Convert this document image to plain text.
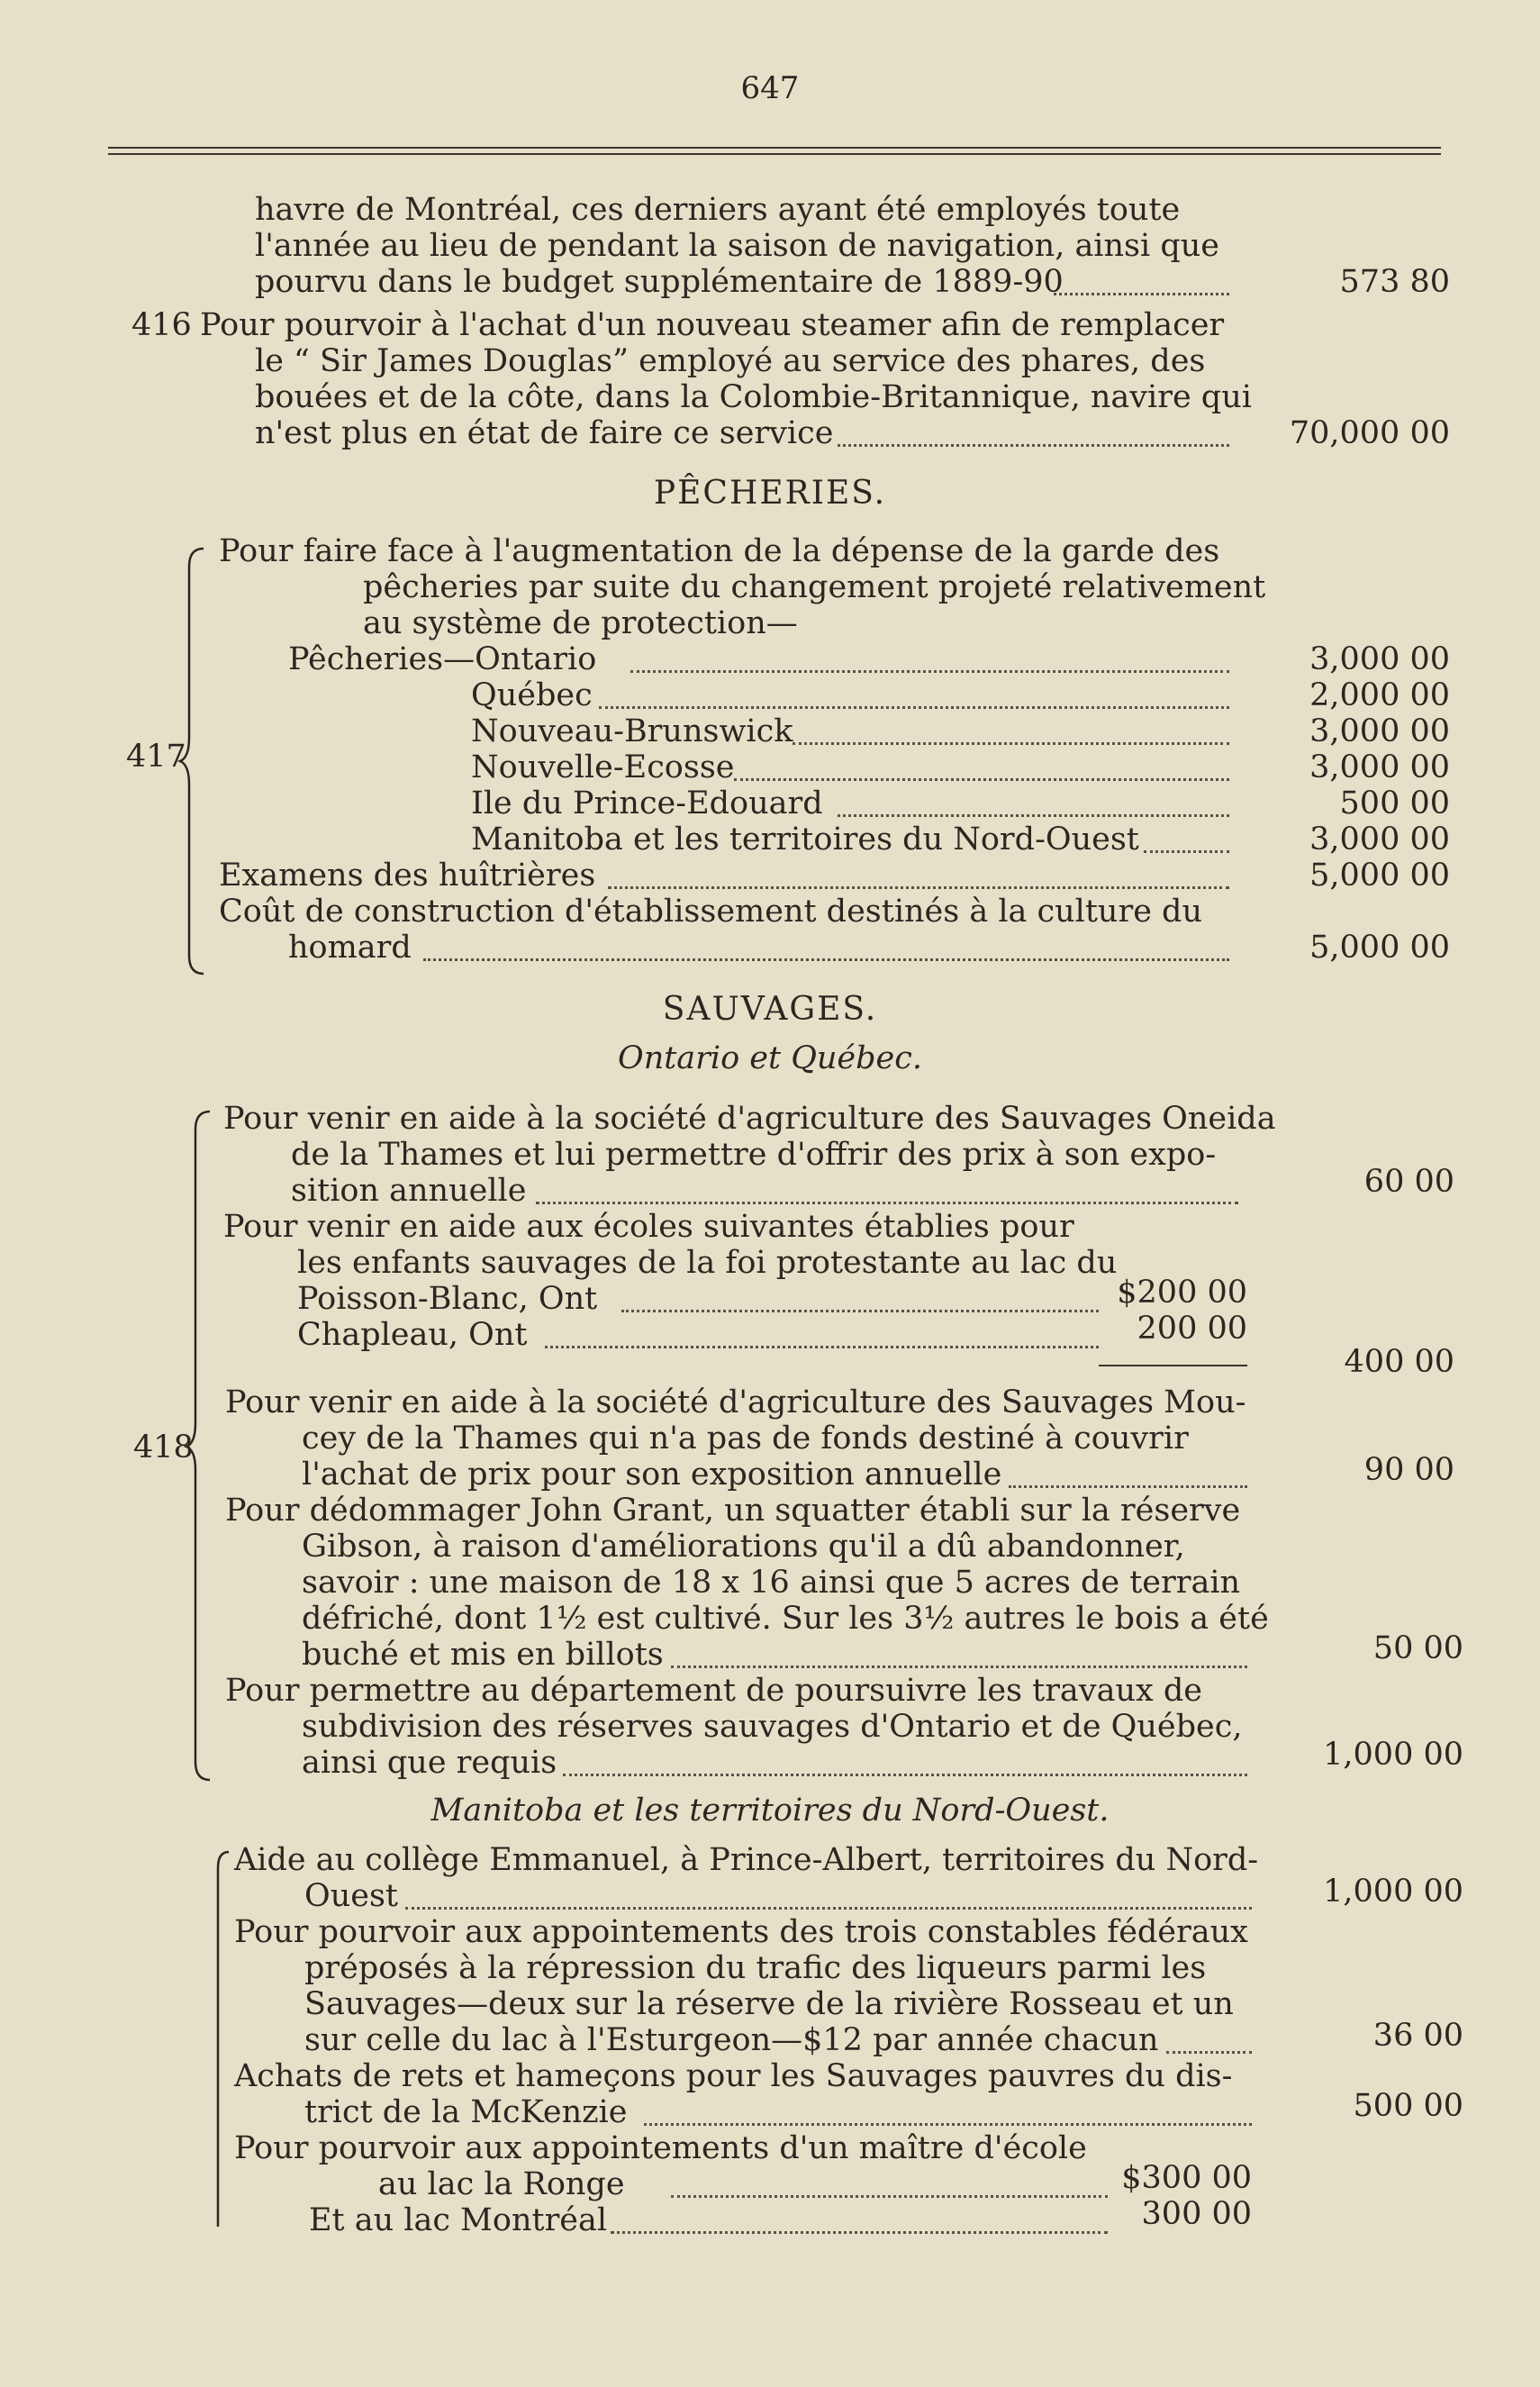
647
havre de Montréal, ces derniers ayant été employés toute
l'année au lieu de pendant la saison de navigation, ainsi que
pourvu dans le budget supplémentaire de 1889-90	573 80
416 Pour pourvoir à l'achat d'un nouveau steamer afin de remplacer
le “ Sir James Douglas” employé au service des phares, des
bouées et de la côte, dans la Colombie-Britannique, navire qui
n'est plus en état de faire ce service	70,000 00
PÊCHERIES.
417
Pour faire face à l'augmentation de la dépense de la garde des
pêcheries par suite du changement projeté relativement
au système de protection—
Pêcheries—Ontario	3,000 00
Québec	2,000 00
Nouveau-Brunswick	3,000 00
Nouvelle-Ecosse	3,000 00
Ile du Prince-Edouard	500 00
Manitoba et les territoires du Nord-Ouest	3,000 00
Examens des huîtrières	5,000 00
Coût de construction d'établissement destinés à la culture du
homard	5,000 00
SAUVAGES.
Ontario et Québec.
418
Pour venir en aide à la société d'agriculture des Sauvages Oneida
de la Thames et lui permettre d'offrir des prix à son expo-
sition annuelle	60 00
Pour venir en aide aux écoles suivantes établies pour
les enfants sauvages de la foi protestante au lac du
Poisson-Blanc, Ont	$200 00
Chapleau, Ont	200 00
400 00
Pour venir en aide à la société d'agriculture des Sauvages Mou-
cey de la Thames qui n'a pas de fonds destiné à couvrir
l'achat de prix pour son exposition annuelle	90 00
Pour dédommager John Grant, un squatter établi sur la réserve
Gibson, à raison d'améliorations qu'il a dû abandonner,
savoir : une maison de 18 x 16 ainsi que 5 acres de terrain
défriché, dont 1½ est cultivé. Sur les 3½ autres le bois a été
buché et mis en billots	50 00
Pour permettre au département de poursuivre les travaux de
subdivision des réserves sauvages d'Ontario et de Québec,
ainsi que requis	1,000 00
Manitoba et les territoires du Nord-Ouest.
Aide au collège Emmanuel, à Prince-Albert, territoires du Nord-
Ouest	1,000 00
Pour pourvoir aux appointements des trois constables fédéraux
préposés à la répression du trafic des liqueurs parmi les
Sauvages—deux sur la réserve de la rivière Rosseau et un
sur celle du lac à l'Esturgeon—$12 par année chacun	36 00
Achats de rets et hameçons pour les Sauvages pauvres du dis-
trict de la McKenzie	500 00
Pour pourvoir aux appointements d'un maître d'école
au lac la Ronge	$300 00
Et au lac Montréal	300 00
